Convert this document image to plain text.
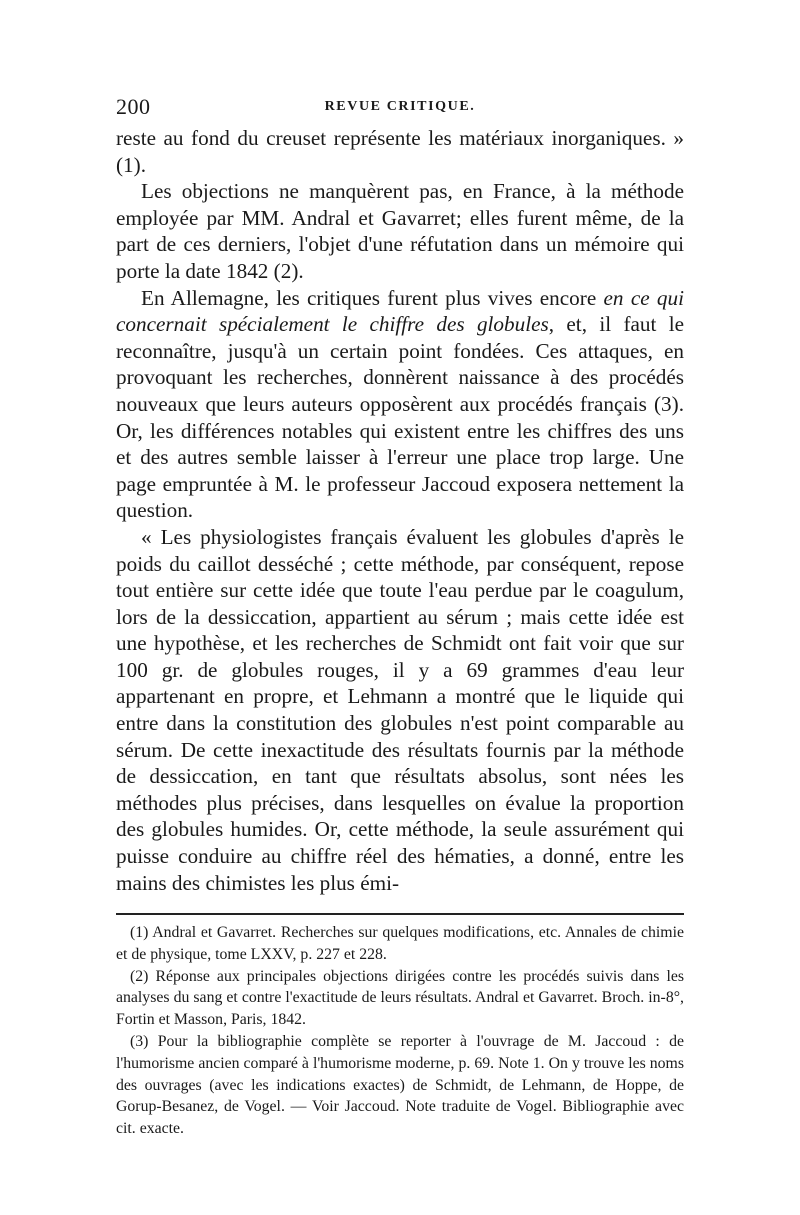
200	REVUE CRITIQUE.

reste au fond du creuset représente les matériaux inorganiques. » (1).

Les objections ne manquèrent pas, en France, à la méthode employée par MM. Andral et Gavarret; elles furent même, de la part de ces derniers, l'objet d'une réfutation dans un mémoire qui porte la date 1842 (2).

En Allemagne, les critiques furent plus vives encore en ce qui concernait spécialement le chiffre des globules, et, il faut le reconnaître, jusqu'à un certain point fondées. Ces attaques, en provoquant les recherches, donnèrent naissance à des procédés nouveaux que leurs auteurs opposèrent aux procédés français (3). Or, les différences notables qui existent entre les chiffres des uns et des autres semble laisser à l'erreur une place trop large. Une page empruntée à M. le professeur Jaccoud exposera nettement la question.

« Les physiologistes français évaluent les globules d'après le poids du caillot desséché ; cette méthode, par conséquent, repose tout entière sur cette idée que toute l'eau perdue par le coagulum, lors de la dessiccation, appartient au sérum ; mais cette idée est une hypothèse, et les recherches de Schmidt ont fait voir que sur 100 gr. de globules rouges, il y a 69 grammes d'eau leur appartenant en propre, et Lehmann a montré que le liquide qui entre dans la constitution des globules n'est point comparable au sérum. De cette inexactitude des résultats fournis par la méthode de dessiccation, en tant que résultats absolus, sont nées les méthodes plus précises, dans lesquelles on évalue la proportion des globules humides. Or, cette méthode, la seule assurément qui puisse conduire au chiffre réel des hématies, a donné, entre les mains des chimistes les plus émi-

(1) Andral et Gavarret. Recherches sur quelques modifications, etc. Annales de chimie et de physique, tome LXXV, p. 227 et 228.

(2) Réponse aux principales objections dirigées contre les procédés suivis dans les analyses du sang et contre l'exactitude de leurs résultats. Andral et Gavarret. Broch. in-8°, Fortin et Masson, Paris, 1842.

(3) Pour la bibliographie complète se reporter à l'ouvrage de M. Jaccoud : de l'humorisme ancien comparé à l'humorisme moderne, p. 69. Note 1. On y trouve les noms des ouvrages (avec les indications exactes) de Schmidt, de Lehmann, de Hoppe, de Gorup-Besanez, de Vogel. — Voir Jaccoud. Note traduite de Vogel. Bibliographie avec cit. exacte.
